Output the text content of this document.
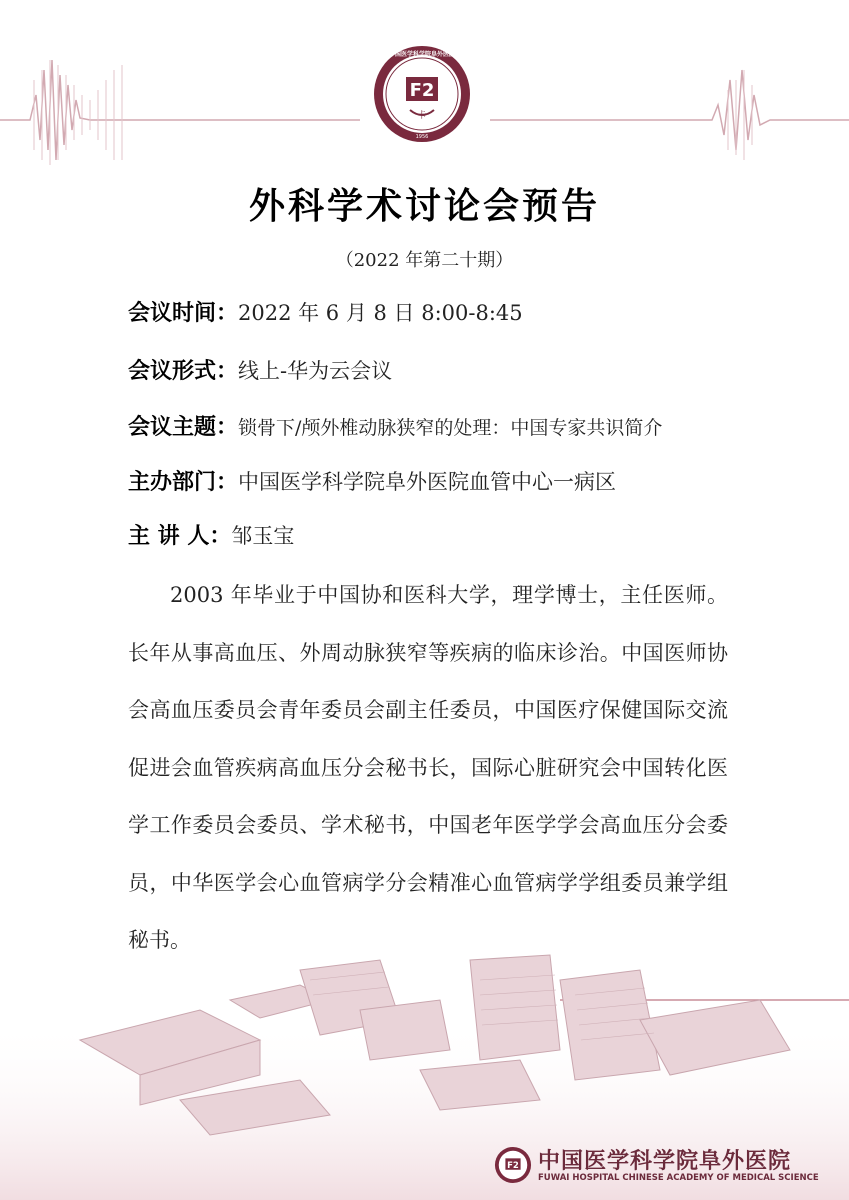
中国医学科学院阜外医院
1956
F2
卡
外科学术讨论会预告
（2022 年第二十期）
会议时间：2022 年 6 月 8 日 8:00-8:45
会议形式：线上-华为云会议
会议主题：锁骨下/颅外椎动脉狭窄的处理：中国专家共识简介
主办部门：中国医学科学院阜外医院血管中心一病区
主 讲 人：邹玉宝
2003 年毕业于中国协和医科大学，理学博士，主任医师。长年从事高血压、外周动脉狭窄等疾病的临床诊治。中国医师协会高血压委员会青年委员会副主任委员，中国医疗保健国际交流促进会血管疾病高血压分会秘书长，国际心脏研究会中国转化医学工作委员会委员、学术秘书，中国老年医学学会高血压分会委员，中华医学会心血管病学分会精准心血管病学学组委员兼学组秘书。
F2 中国医学科学院阜外医院
FUWAI HOSPITAL CHINESE ACADEMY OF MEDICAL SCIENCE
